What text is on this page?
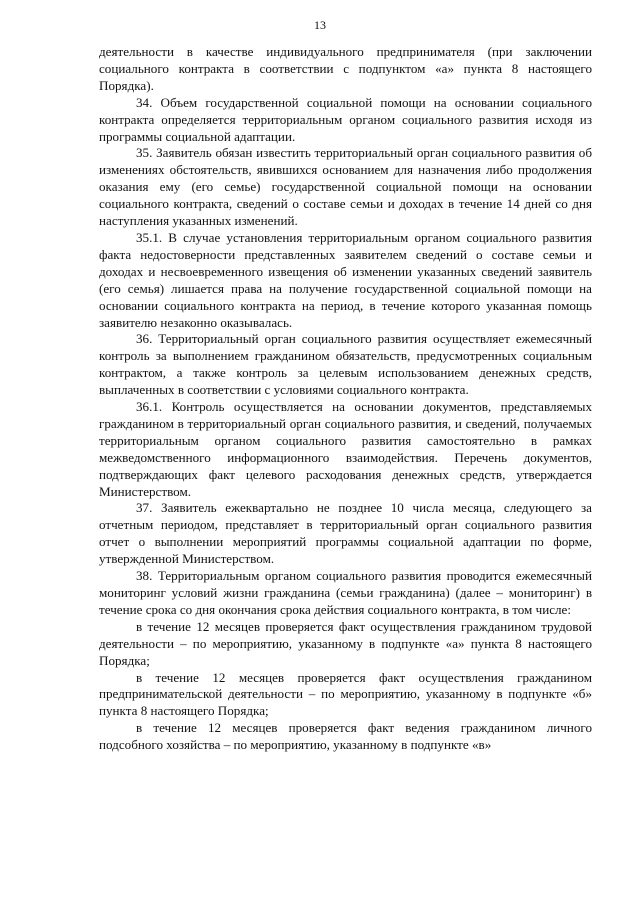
13

деятельности в качестве индивидуального предпринимателя (при заключении социального контракта в соответствии с подпунктом «а» пункта 8 настоящего Порядка).

34. Объем государственной социальной помощи на основании социального контракта определяется территориальным органом социального развития исходя из программы социальной адаптации.

35. Заявитель обязан известить территориальный орган социального развития об изменениях обстоятельств, явившихся основанием для назначения либо продолжения оказания ему (его семье) государственной социальной помощи на основании социального контракта, сведений о составе семьи и доходах в течение 14 дней со дня наступления указанных изменений.

35.1. В случае установления территориальным органом социального развития факта недостоверности представленных заявителем сведений о составе семьи и доходах и несвоевременного извещения об изменении указанных сведений заявитель (его семья) лишается права на получение государственной социальной помощи на основании социального контракта на период, в течение которого указанная помощь заявителю незаконно оказывалась.

36. Территориальный орган социального развития осуществляет ежемесячный контроль за выполнением гражданином обязательств, предусмотренных социальным контрактом, а также контроль за целевым использованием денежных средств, выплаченных в соответствии с условиями социального контракта.

36.1. Контроль осуществляется на основании документов, представляемых гражданином в территориальный орган социального развития, и сведений, получаемых территориальным органом социального развития самостоятельно в рамках межведомственного информационного взаимодействия. Перечень документов, подтверждающих факт целевого расходования денежных средств, утверждается Министерством.

37. Заявитель ежеквартально не позднее 10 числа месяца, следующего за отчетным периодом, представляет в территориальный орган социального развития отчет о выполнении мероприятий программы социальной адаптации по форме, утвержденной Министерством.

38. Территориальным органом социального развития проводится ежемесячный мониторинг условий жизни гражданина (семьи гражданина) (далее – мониторинг) в течение срока со дня окончания срока действия социального контракта, в том числе:

в течение 12 месяцев проверяется факт осуществления гражданином трудовой деятельности – по мероприятию, указанному в подпункте «а» пункта 8 настоящего Порядка;

в течение 12 месяцев проверяется факт осуществления гражданином предпринимательской деятельности – по мероприятию, указанному в подпункте «б» пункта 8 настоящего Порядка;

в течение 12 месяцев проверяется факт ведения гражданином личного подсобного хозяйства – по мероприятию, указанному в подпункте «в»
